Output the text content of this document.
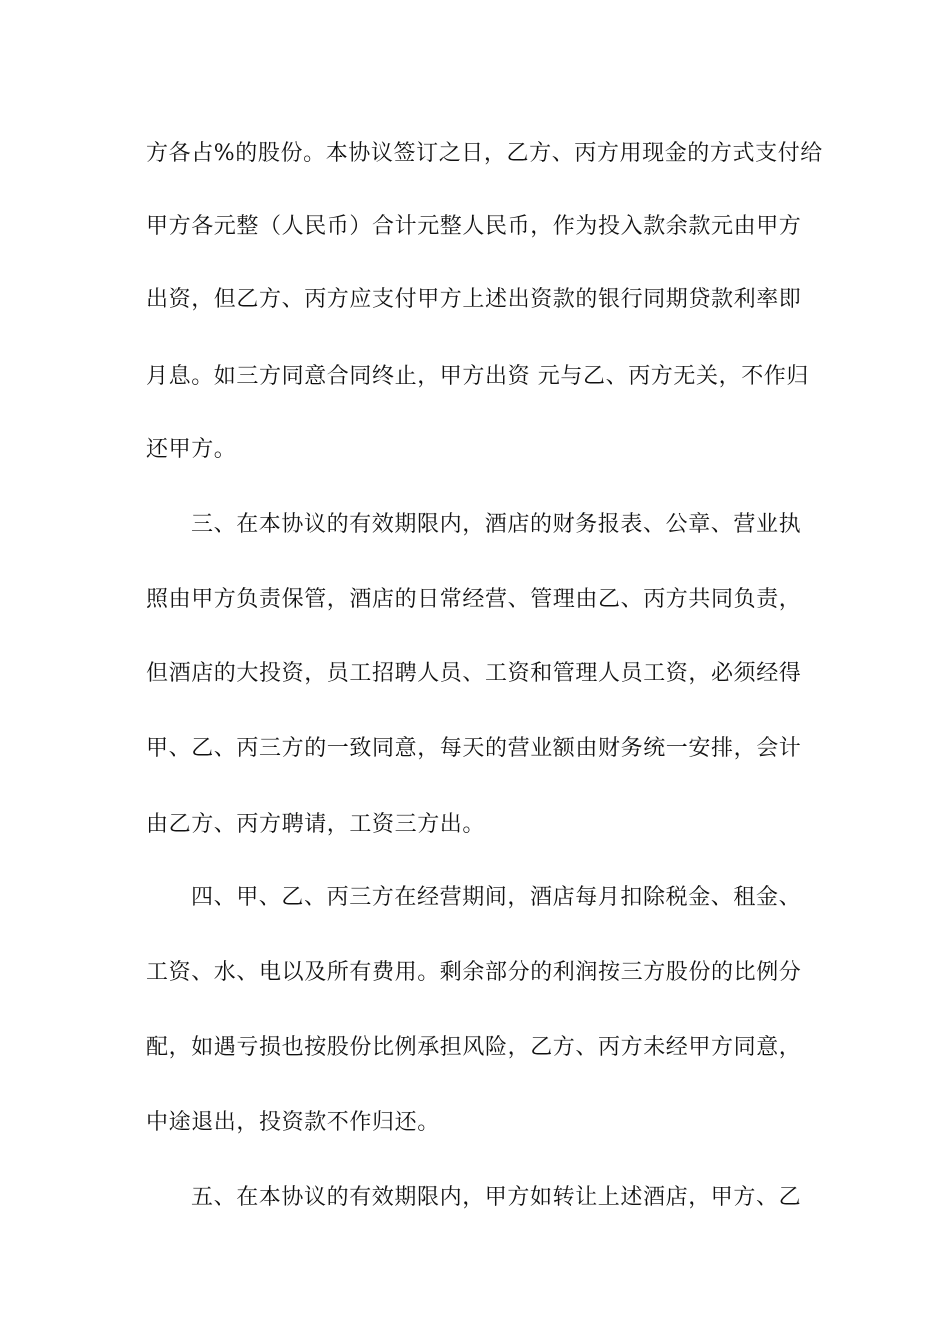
方各占%的股份。本协议签订之日，乙方、丙方用现金的方式支付给
甲方各元整（人民币）合计元整人民币，作为投入款余款元由甲方
出资，但乙方、丙方应支付甲方上述出资款的银行同期贷款利率即
月息。如三方同意合同终止，甲方出资 元与乙、丙方无关，不作归
还甲方。
三、在本协议的有效期限内，酒店的财务报表、公章、营业执
照由甲方负责保管，酒店的日常经营、管理由乙、丙方共同负责，
但酒店的大投资，员工招聘人员、工资和管理人员工资，必须经得
甲、乙、丙三方的一致同意，每天的营业额由财务统一安排，会计
由乙方、丙方聘请，工资三方出。
四、甲、乙、丙三方在经营期间，酒店每月扣除税金、租金、
工资、水、电以及所有费用。剩余部分的利润按三方股份的比例分
配，如遇亏损也按股份比例承担风险，乙方、丙方未经甲方同意，
中途退出，投资款不作归还。
五、在本协议的有效期限内，甲方如转让上述酒店，甲方、乙
